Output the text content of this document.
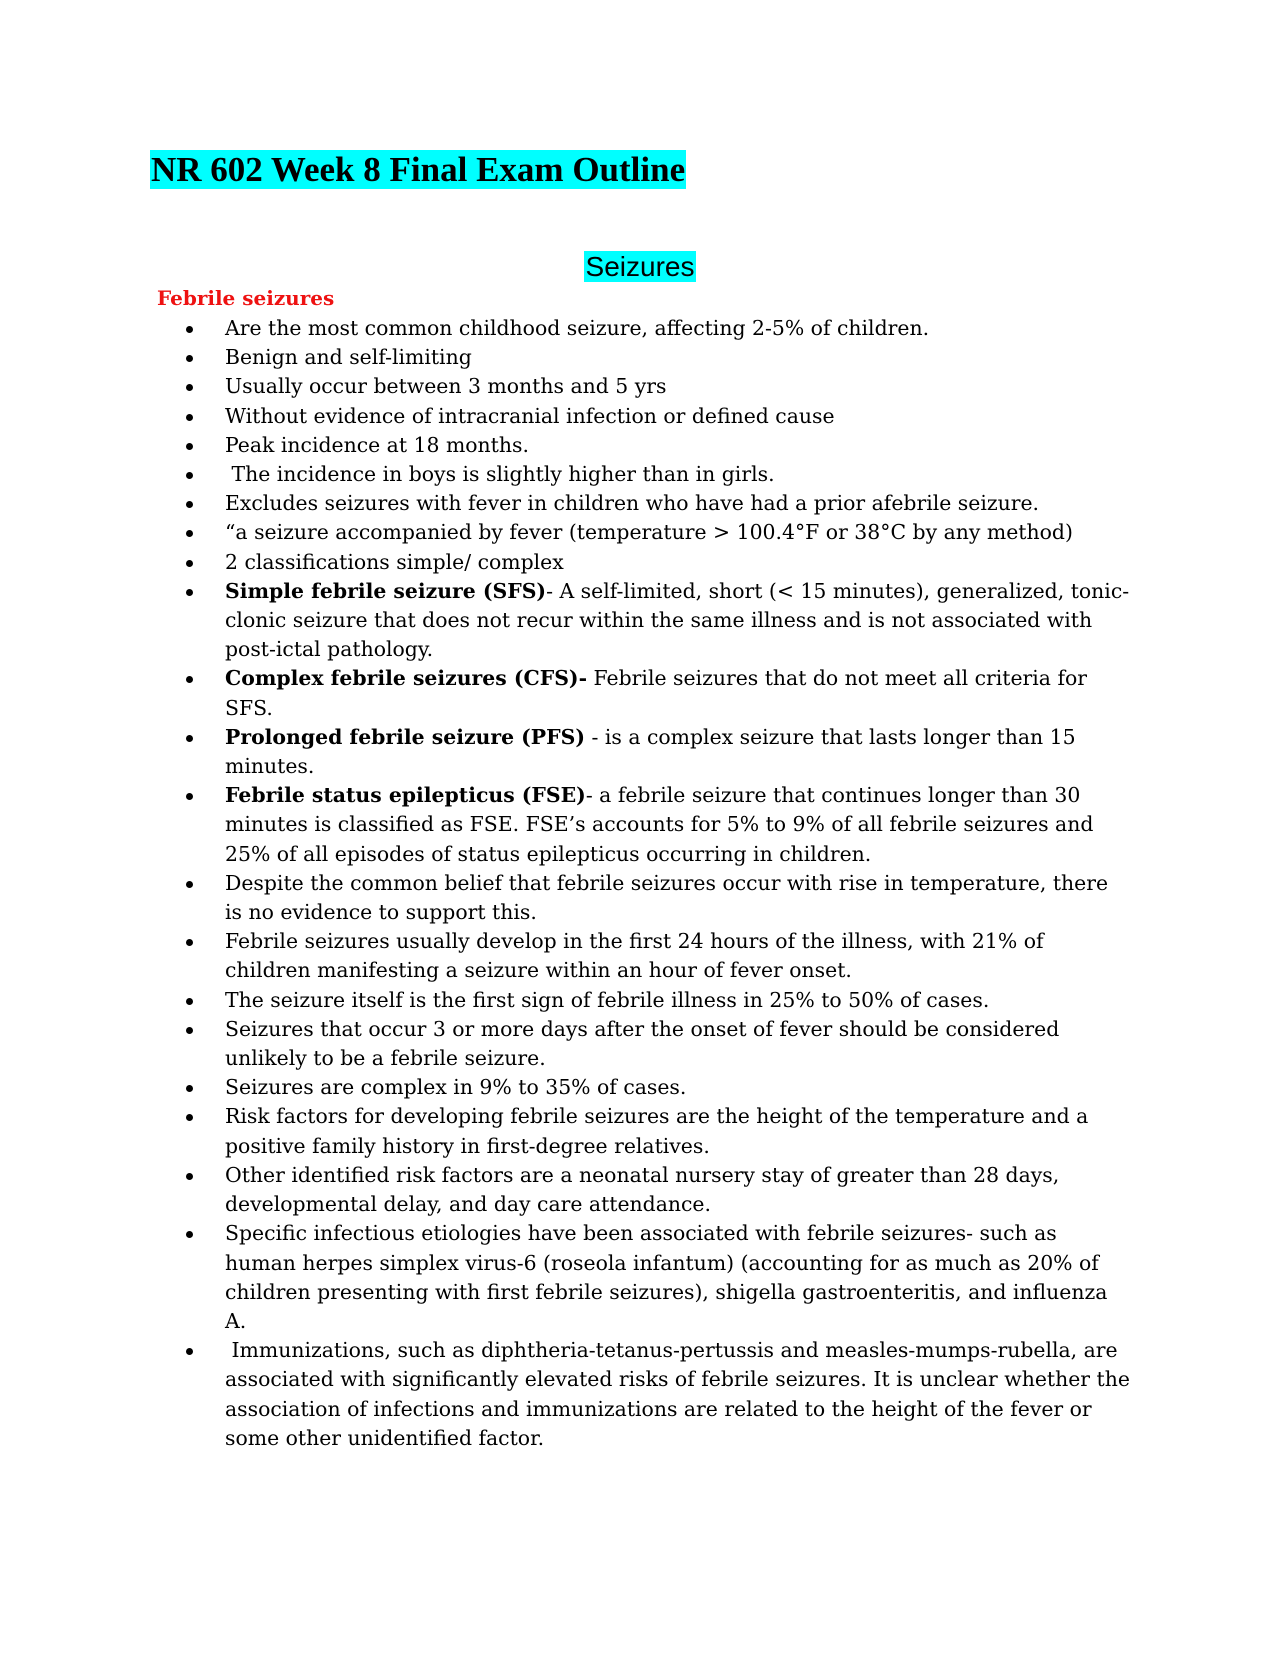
NR 602 Week 8 Final Exam Outline
Seizures
Febrile seizures
Are the most common childhood seizure, affecting 2-5% of children.
Benign and self-limiting
Usually occur between 3 months and 5 yrs
Without evidence of intracranial infection or defined cause
Peak incidence at 18 months.
The incidence in boys is slightly higher than in girls.
Excludes seizures with fever in children who have had a prior afebrile seizure.
“a seizure accompanied by fever (temperature > 100.4°F or 38°C by any method)
2 classifications simple/ complex
Simple febrile seizure (SFS)- A self-limited, short (< 15 minutes), generalized, tonic-clonic seizure that does not recur within the same illness and is not associated with post-ictal pathology.
Complex febrile seizures (CFS)- Febrile seizures that do not meet all criteria for SFS.
Prolonged febrile seizure (PFS) - is a complex seizure that lasts longer than 15 minutes.
Febrile status epilepticus (FSE)- a febrile seizure that continues longer than 30 minutes is classified as FSE. FSE’s accounts for 5% to 9% of all febrile seizures and 25% of all episodes of status epilepticus occurring in children.
Despite the common belief that febrile seizures occur with rise in temperature, there is no evidence to support this.
Febrile seizures usually develop in the first 24 hours of the illness, with 21% of children manifesting a seizure within an hour of fever onset.
The seizure itself is the first sign of febrile illness in 25% to 50% of cases.
Seizures that occur 3 or more days after the onset of fever should be considered unlikely to be a febrile seizure.
Seizures are complex in 9% to 35% of cases.
Risk factors for developing febrile seizures are the height of the temperature and a positive family history in first-degree relatives.
Other identified risk factors are a neonatal nursery stay of greater than 28 days, developmental delay, and day care attendance.
Specific infectious etiologies have been associated with febrile seizures- such as human herpes simplex virus-6 (roseola infantum) (accounting for as much as 20% of children presenting with first febrile seizures), shigella gastroenteritis, and influenza A.
Immunizations, such as diphtheria-tetanus-pertussis and measles-mumps-rubella, are associated with significantly elevated risks of febrile seizures. It is unclear whether the association of infections and immunizations are related to the height of the fever or some other unidentified factor.
